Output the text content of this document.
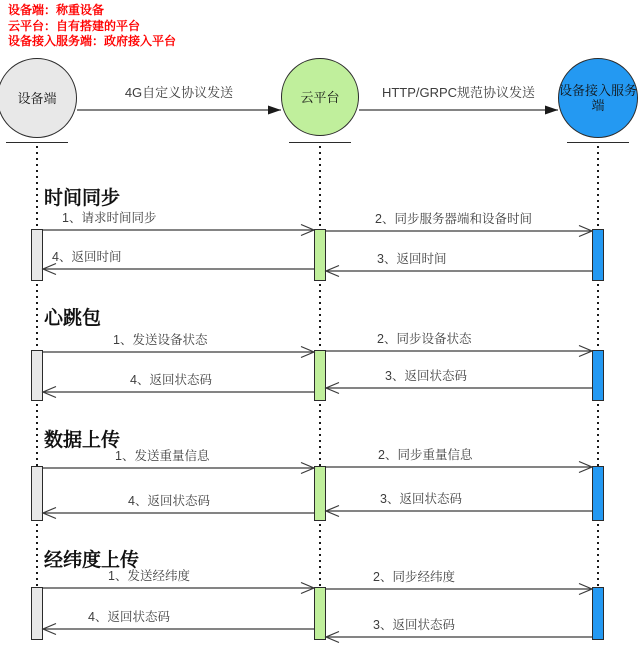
设备端：称重设备
云平台：自有搭建的平台
设备接入服务端：政府接入平台
设备端	云平台	设备接入服务端
4G自定义协议发送	HTTP/GRPC规范协议发送
时间同步
1、请求时间同步	2、同步服务器端和设备时间
3、返回时间
4、返回时间
心跳包
1、发送设备状态	2、同步设备状态
3、返回状态码
4、返回状态码
数据上传
1、发送重量信息	2、同步重量信息
3、返回状态码
4、返回状态码
经纬度上传
1、发送经纬度	2、同步经纬度
3、返回状态码
4、返回状态码
